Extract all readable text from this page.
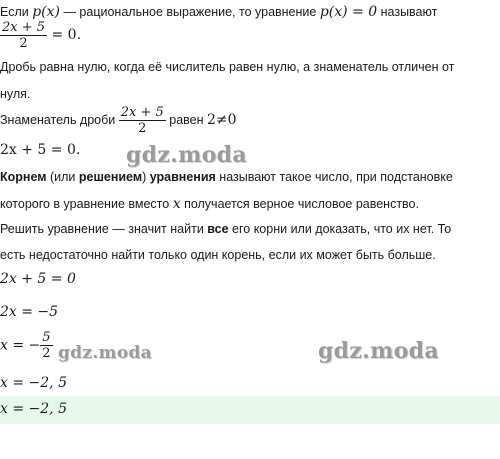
Если p(x) — рациональное выражение, то уравнение p(x) = 0 называют
$\frac{2x + 5}{2} = 0$.
Дробь равна нулю, когда её числитель равен нулю, а знаменатель отличен от
нуля.
Знаменатель дроби $\frac{2x + 5}{2}$ равен 2≠0
2x + 5 = 0.
Корнем (или решением) уравнения называют такое число, при подстановке
которого в уравнение вместо x получается верное числовое равенство.
Решить уравнение — значит найти все его корни или доказать, что их нет. То
есть недостаточно найти только один корень, если их может быть больше.
2x + 5 = 0
2x = −5
x = − $\frac{5}{2}$
x = −2, 5
x = −2, 5
gdz.moda
gdz.moda
gdz.moda
